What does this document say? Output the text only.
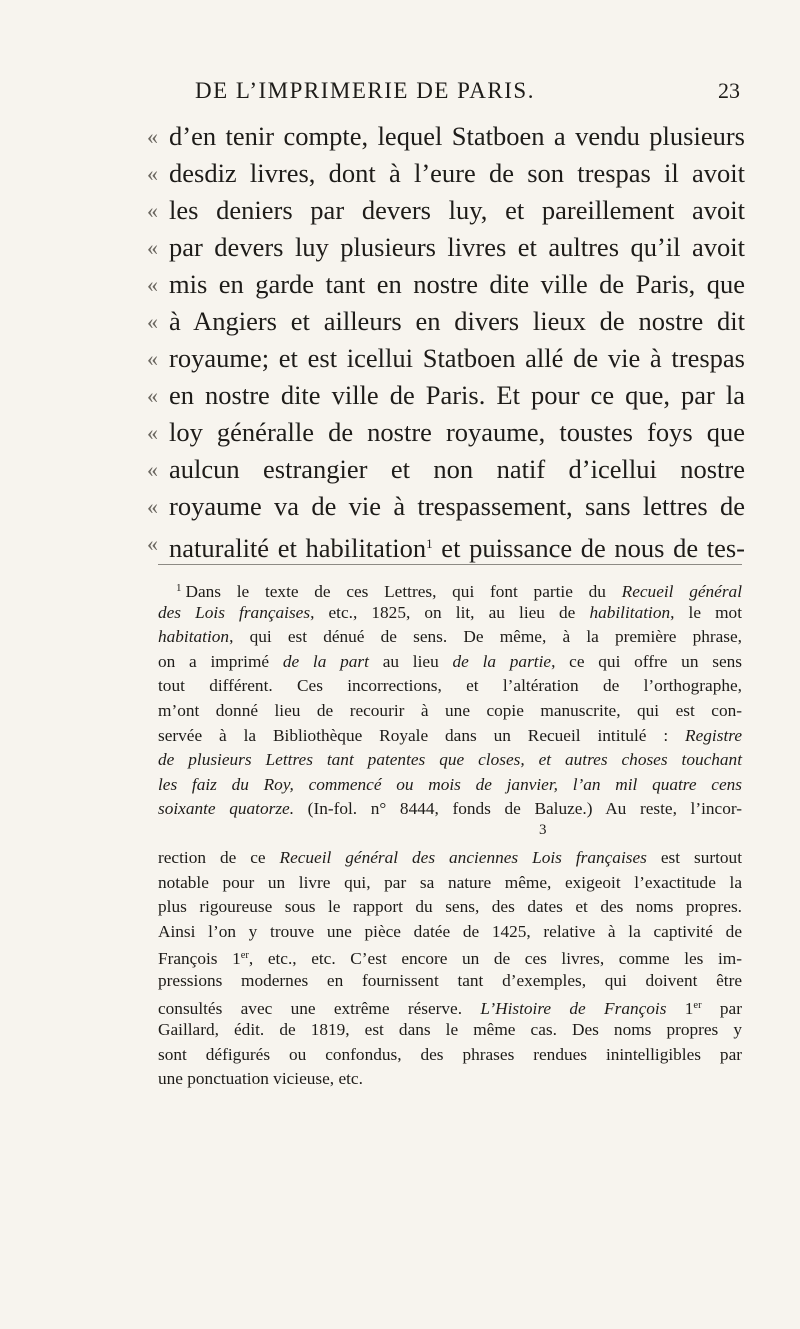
DE L’IMPRIMERIE DE PARIS.	23
« d’en tenir compte, lequel Statboen a vendu plusieurs
« desdiz livres, dont à l’eure de son trespas il avoit
« les deniers par devers luy, et pareillement avoit
« par devers luy plusieurs livres et aultres qu’il avoit
« mis en garde tant en nostre dite ville de Paris, que
« à Angiers et ailleurs en divers lieux de nostre dit
« royaume; et est icellui Statboen allé de vie à trespas
« en nostre dite ville de Paris. Et pour ce que, par la
« loy généralle de nostre royaume, toustes foys que
« aulcun estrangier et non natif d’icellui nostre
« royaume va de vie à trespassement, sans lettres de
« naturalité et habilitation$^1$ et puissance de nous de tes-
$^1$ Dans le texte de ces Lettres, qui font partie du Recueil général
des Lois françaises, etc., 1825, on lit, au lieu de habilitation, le mot
habitation, qui est dénué de sens. De même, à la première phrase,
on a imprimé de la part au lieu de la partie, ce qui offre un sens
tout différent. Ces incorrections, et l’altération de l’orthographe,
m’ont donné lieu de recourir à une copie manuscrite, qui est con-
servée à la Bibliothèque Royale dans un Recueil intitulé : Registre
de plusieurs Lettres tant patentes que closes, et autres choses touchant
les faiz du Roy, commencé ou mois de janvier, l’an mil quatre cens
soixante quatorze. (In-fol. n° 8444, fonds de Baluze.) Au reste, l’incor-
3
rection de ce Recueil général des anciennes Lois françaises est surtout
notable pour un livre qui, par sa nature même, exigeoit l’exactitude la
plus rigoureuse sous le rapport du sens, des dates et des noms propres.
Ainsi l’on y trouve une pièce datée de 1425, relative à la captivité de
François 1er, etc., etc. C’est encore un de ces livres, comme les im-
pressions modernes en fournissent tant d’exemples, qui doivent être
consultés avec une extrême réserve. L’Histoire de François 1er par
Gaillard, édit. de 1819, est dans le même cas. Des noms propres y
sont défigurés ou confondus, des phrases rendues inintelligibles par
une ponctuation vicieuse, etc.
